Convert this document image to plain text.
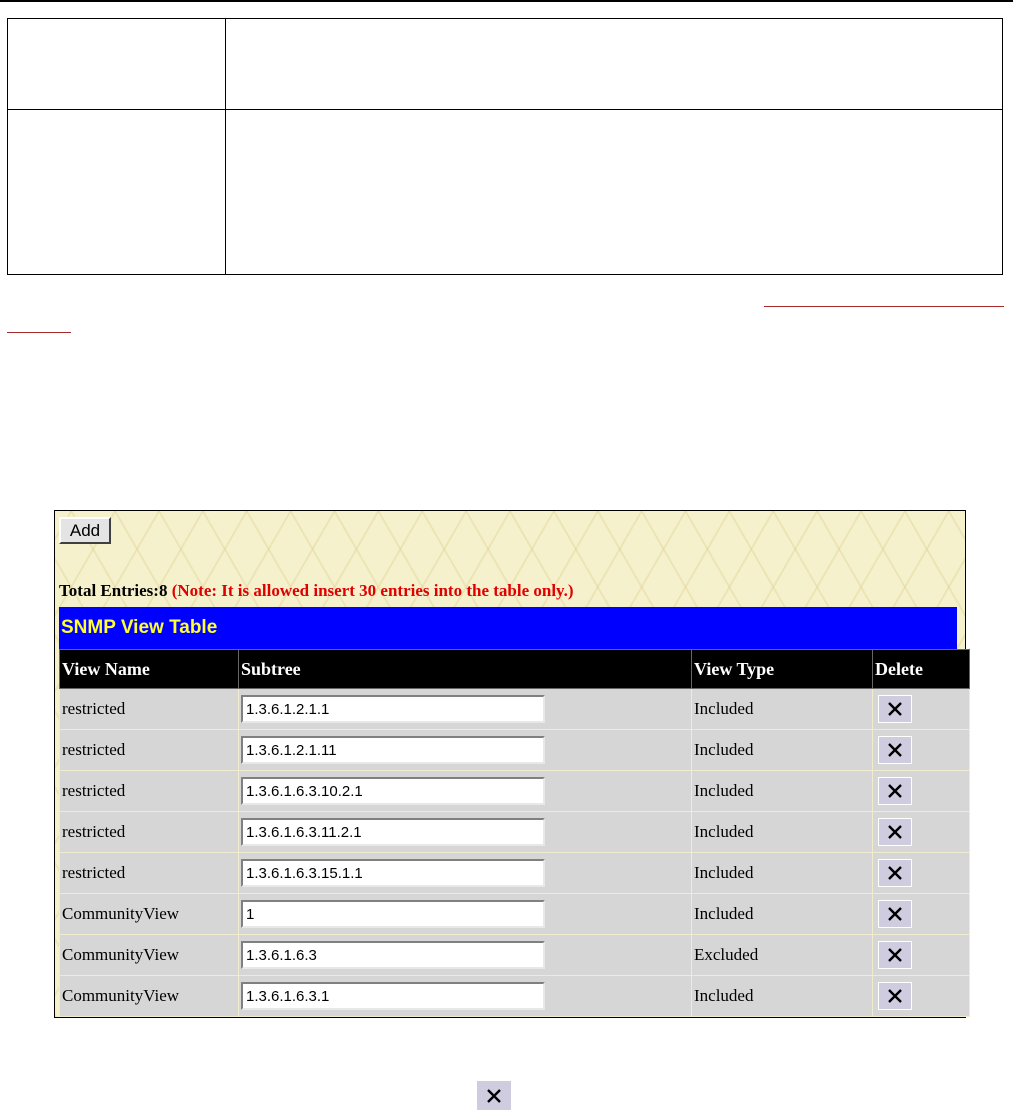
Add
Total Entries:8 (Note: It is allowed insert 30 entries into the table only.)
SNMP View Table
View Name	Subtree	View Type	Delete
restricted	1.3.6.1.2.1.1	Included	

restricted	1.3.6.1.2.1.11	Included	

restricted	1.3.6.1.6.3.10.2.1	Included	

restricted	1.3.6.1.6.3.11.2.1	Included	

restricted	1.3.6.1.6.3.15.1.1	Included	

CommunityView	1	Included	

CommunityView	1.3.6.1.6.3	Excluded	

CommunityView	1.3.6.1.6.3.1	Included	
